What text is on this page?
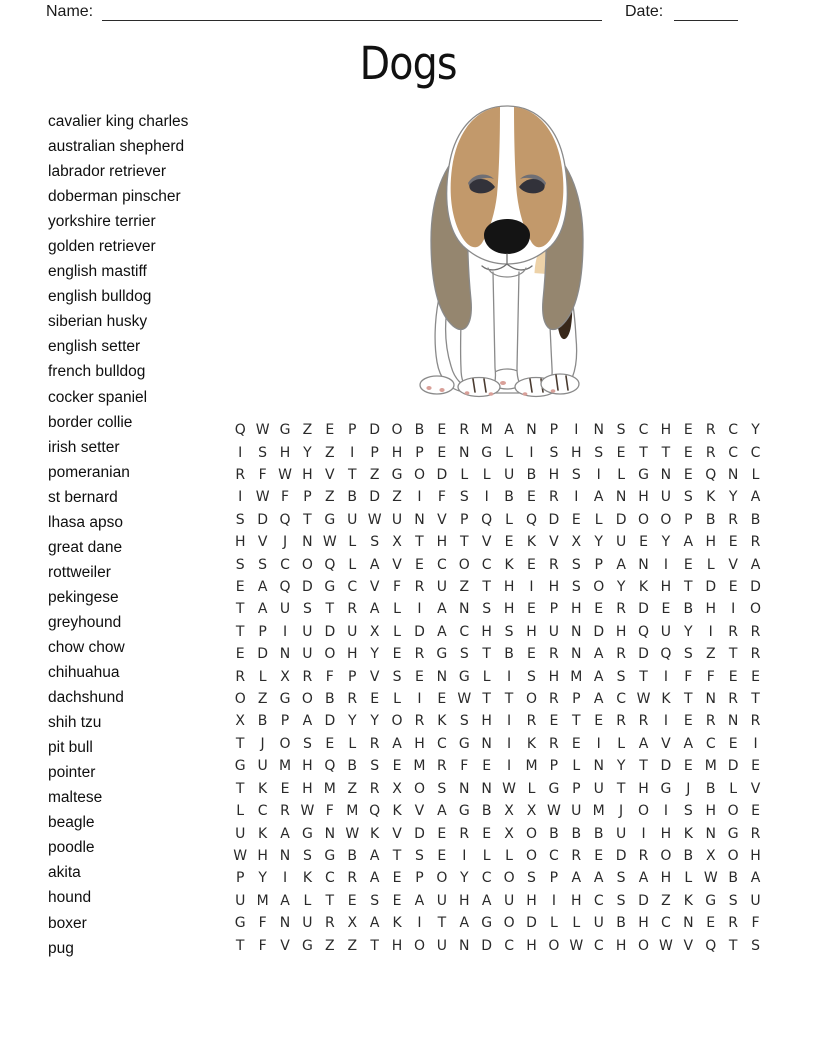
Name:	Date:
Dogs
cavalier king charles
australian shepherd
labrador retriever
doberman pinscher
yorkshire terrier
golden retriever
english mastiff
english bulldog
siberian husky
english setter
french bulldog
cocker spaniel
border collie
irish setter
pomeranian
st bernard
lhasa apso
great dane
rottweiler
pekingese
greyhound
chow chow
chihuahua
dachshund
shih tzu
pit bull
pointer
maltese
beagle
poodle
akita
hound
boxer
pug
Q W G Z E P D O B E R M A N P	I	N S C H E R C Y
I	S H Y Z	I	P H P E N G L	I	S H S E T T E R C C
R F W H V T Z G O D L	L U B H S	I	L G N E Q N L
I W F	P Z B D Z	I	F S	I	B E R	I	A N H U S K Y A
S D Q T G U W U N V P Q L Q D E	L D O O P B R B
H V	J	N W L	S X T H T V E K V X Y U E Y A H E R
S S C O Q L A V E C O C K E R S P A N	I	E	L V A
E A Q D G C V F R U Z T H	I	H S O Y K H T D E D
T A U S T R A L	I	A N S H E P H E R D E B H	I	O
T P	I	U D U X L D A C H S H U N D H Q U Y	I	R R
E D N U O H Y E R G S T B E R N A R D Q S Z T R
R L X R F	P V S E N G L	I	S H M A S T	I	F	F E E
O Z G O B R E	L	I	E W T T O R P A C W K T N R T
X B P A D Y Y O R K S H	I	R E T E R R	I	E R N R
T	J	O S E	L R A H C G N	I	K R E	I	L A V A C E	I
G U M H Q B S E M R F E	I	M P	L N Y T D E M D E
T K E H M Z R X O S N N W L G P U T H G	J	B L V
L C R W F M Q K V A G B X X W U M	J	O	I	S H O E
U K A G N W K V D E R E X O B B B U	I	H K N G R
W H N S G B A T S E	I	L	L O C R E D R O B X O H
P Y	I	K C R A E P O Y C O S P A A S A H L W B A
U M A L	T E S E A U H A U H	I	H C S D Z K G S U
G F N U R X A K	I	T A G O D L	L U B H C N E R F
T	F V G Z Z T H O U N D C H O W C H O W V Q T S
